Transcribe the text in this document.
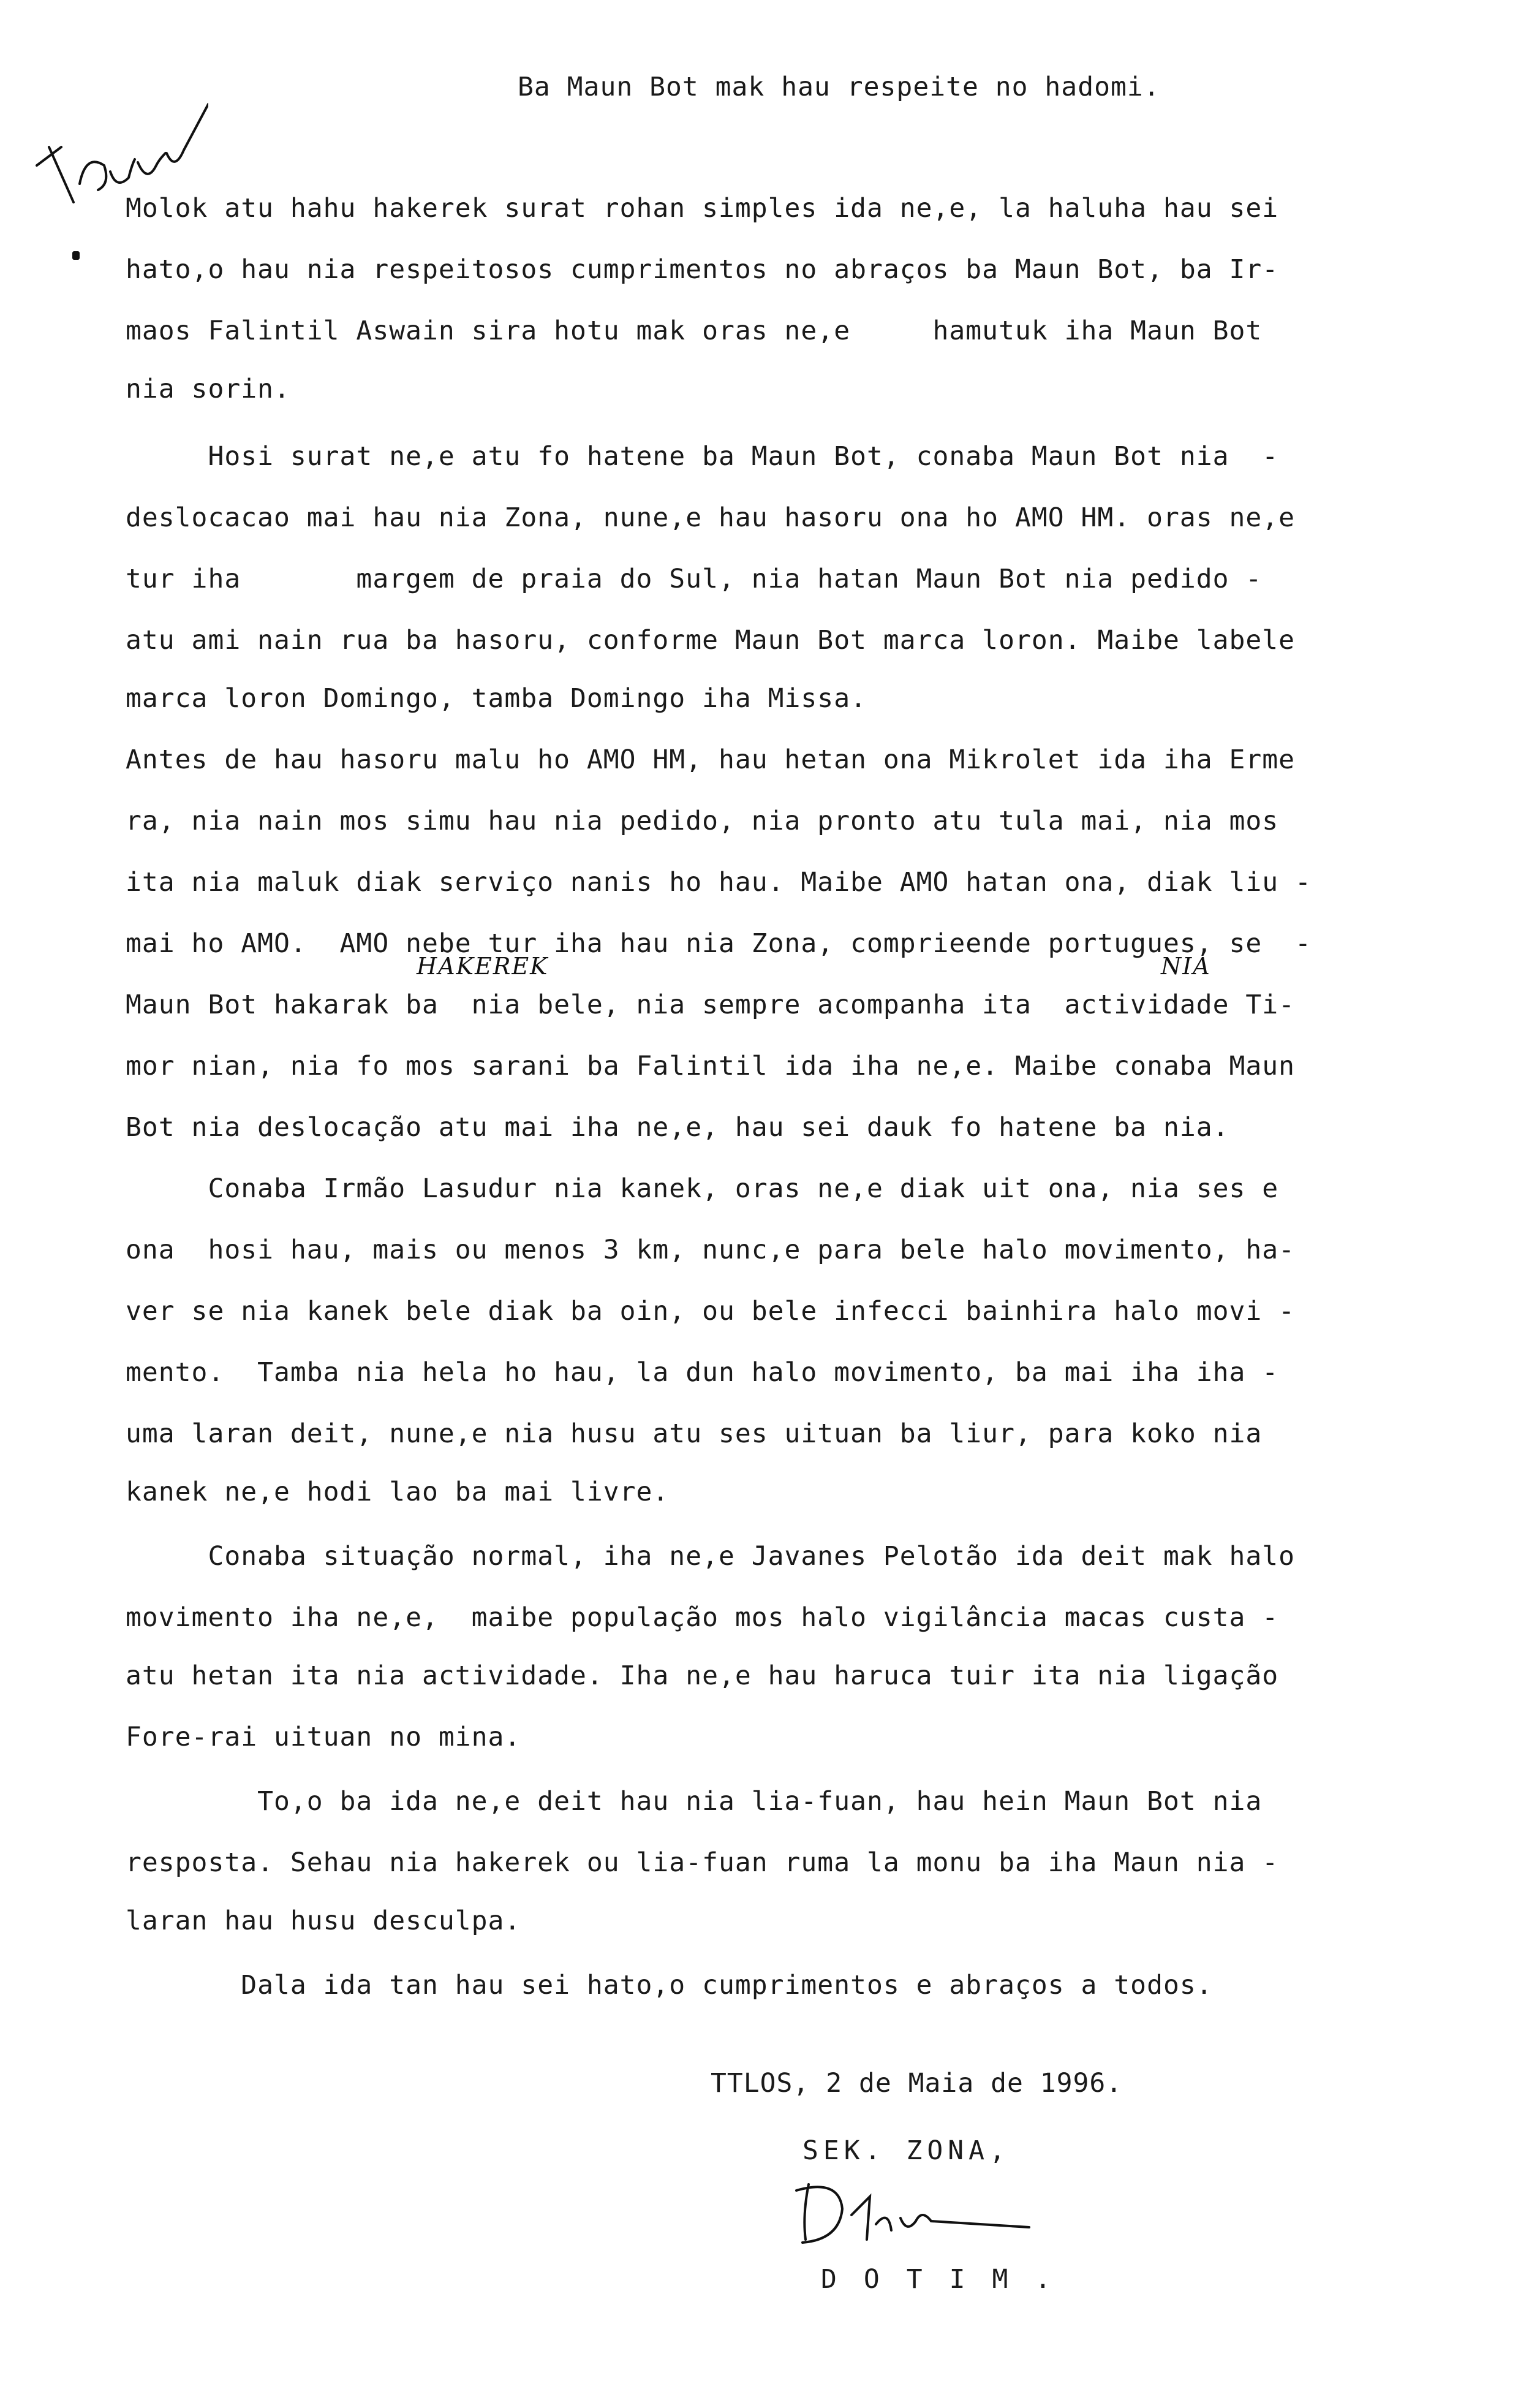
Ba Maun Bot mak hau respeite no hadomi.
Molok atu hahu hakerek surat rohan simples ida ne,e, la haluha hau sei
hato,o hau nia respeitosos cumprimentos no abraços ba Maun Bot, ba Ir-
maos Falintil Aswain sira hotu mak oras ne,e     hamutuk iha Maun Bot
nia sorin.
Hosi surat ne,e atu fo hatene ba Maun Bot, conaba Maun Bot nia  -
deslocacao mai hau nia Zona, nune,e hau hasoru ona ho AMO HM. oras ne,e
tur iha       margem de praia do Sul, nia hatan Maun Bot nia pedido -
atu ami nain rua ba hasoru, conforme Maun Bot marca loron. Maibe labele
marca loron Domingo, tamba Domingo iha Missa.
Antes de hau hasoru malu ho AMO HM, hau hetan ona Mikrolet ida iha Erme
ra, nia nain mos simu hau nia pedido, nia pronto atu tula mai, nia mos
ita nia maluk diak serviço nanis ho hau. Maibe AMO hatan ona, diak liu -
mai ho AMO.  AMO nebe tur iha hau nia Zona, comprieende portugues, se  -
HAKEREK	NIA
Maun Bot hakarak ba  nia bele, nia sempre acompanha ita  actividade Ti-
mor nian, nia fo mos sarani ba Falintil ida iha ne,e. Maibe conaba Maun
Bot nia deslocação atu mai iha ne,e, hau sei dauk fo hatene ba nia.
Conaba Irmão Lasudur nia kanek, oras ne,e diak uit ona, nia ses e
ona  hosi hau, mais ou menos 3 km, nunc,e para bele halo movimento, ha-
ver se nia kanek bele diak ba oin, ou bele infecci bainhira halo movi -
mento.  Tamba nia hela ho hau, la dun halo movimento, ba mai iha iha -
uma laran deit, nune,e nia husu atu ses uituan ba liur, para koko nia
kanek ne,e hodi lao ba mai livre.
Conaba situação normal, iha ne,e Javanes Pelotão ida deit mak halo
movimento iha ne,e,  maibe população mos halo vigilância macas custa -
atu hetan ita nia actividade. Iha ne,e hau haruca tuir ita nia ligação
Fore-rai uituan no mina.
To,o ba ida ne,e deit hau nia lia-fuan, hau hein Maun Bot nia
resposta. Sehau nia hakerek ou lia-fuan ruma la monu ba iha Maun nia -
laran hau husu desculpa.
Dala ida tan hau sei hato,o cumprimentos e abraços a todos.
TTLOS, 2 de Maia de 1996.
SEK. ZONA,
DOTIM.
